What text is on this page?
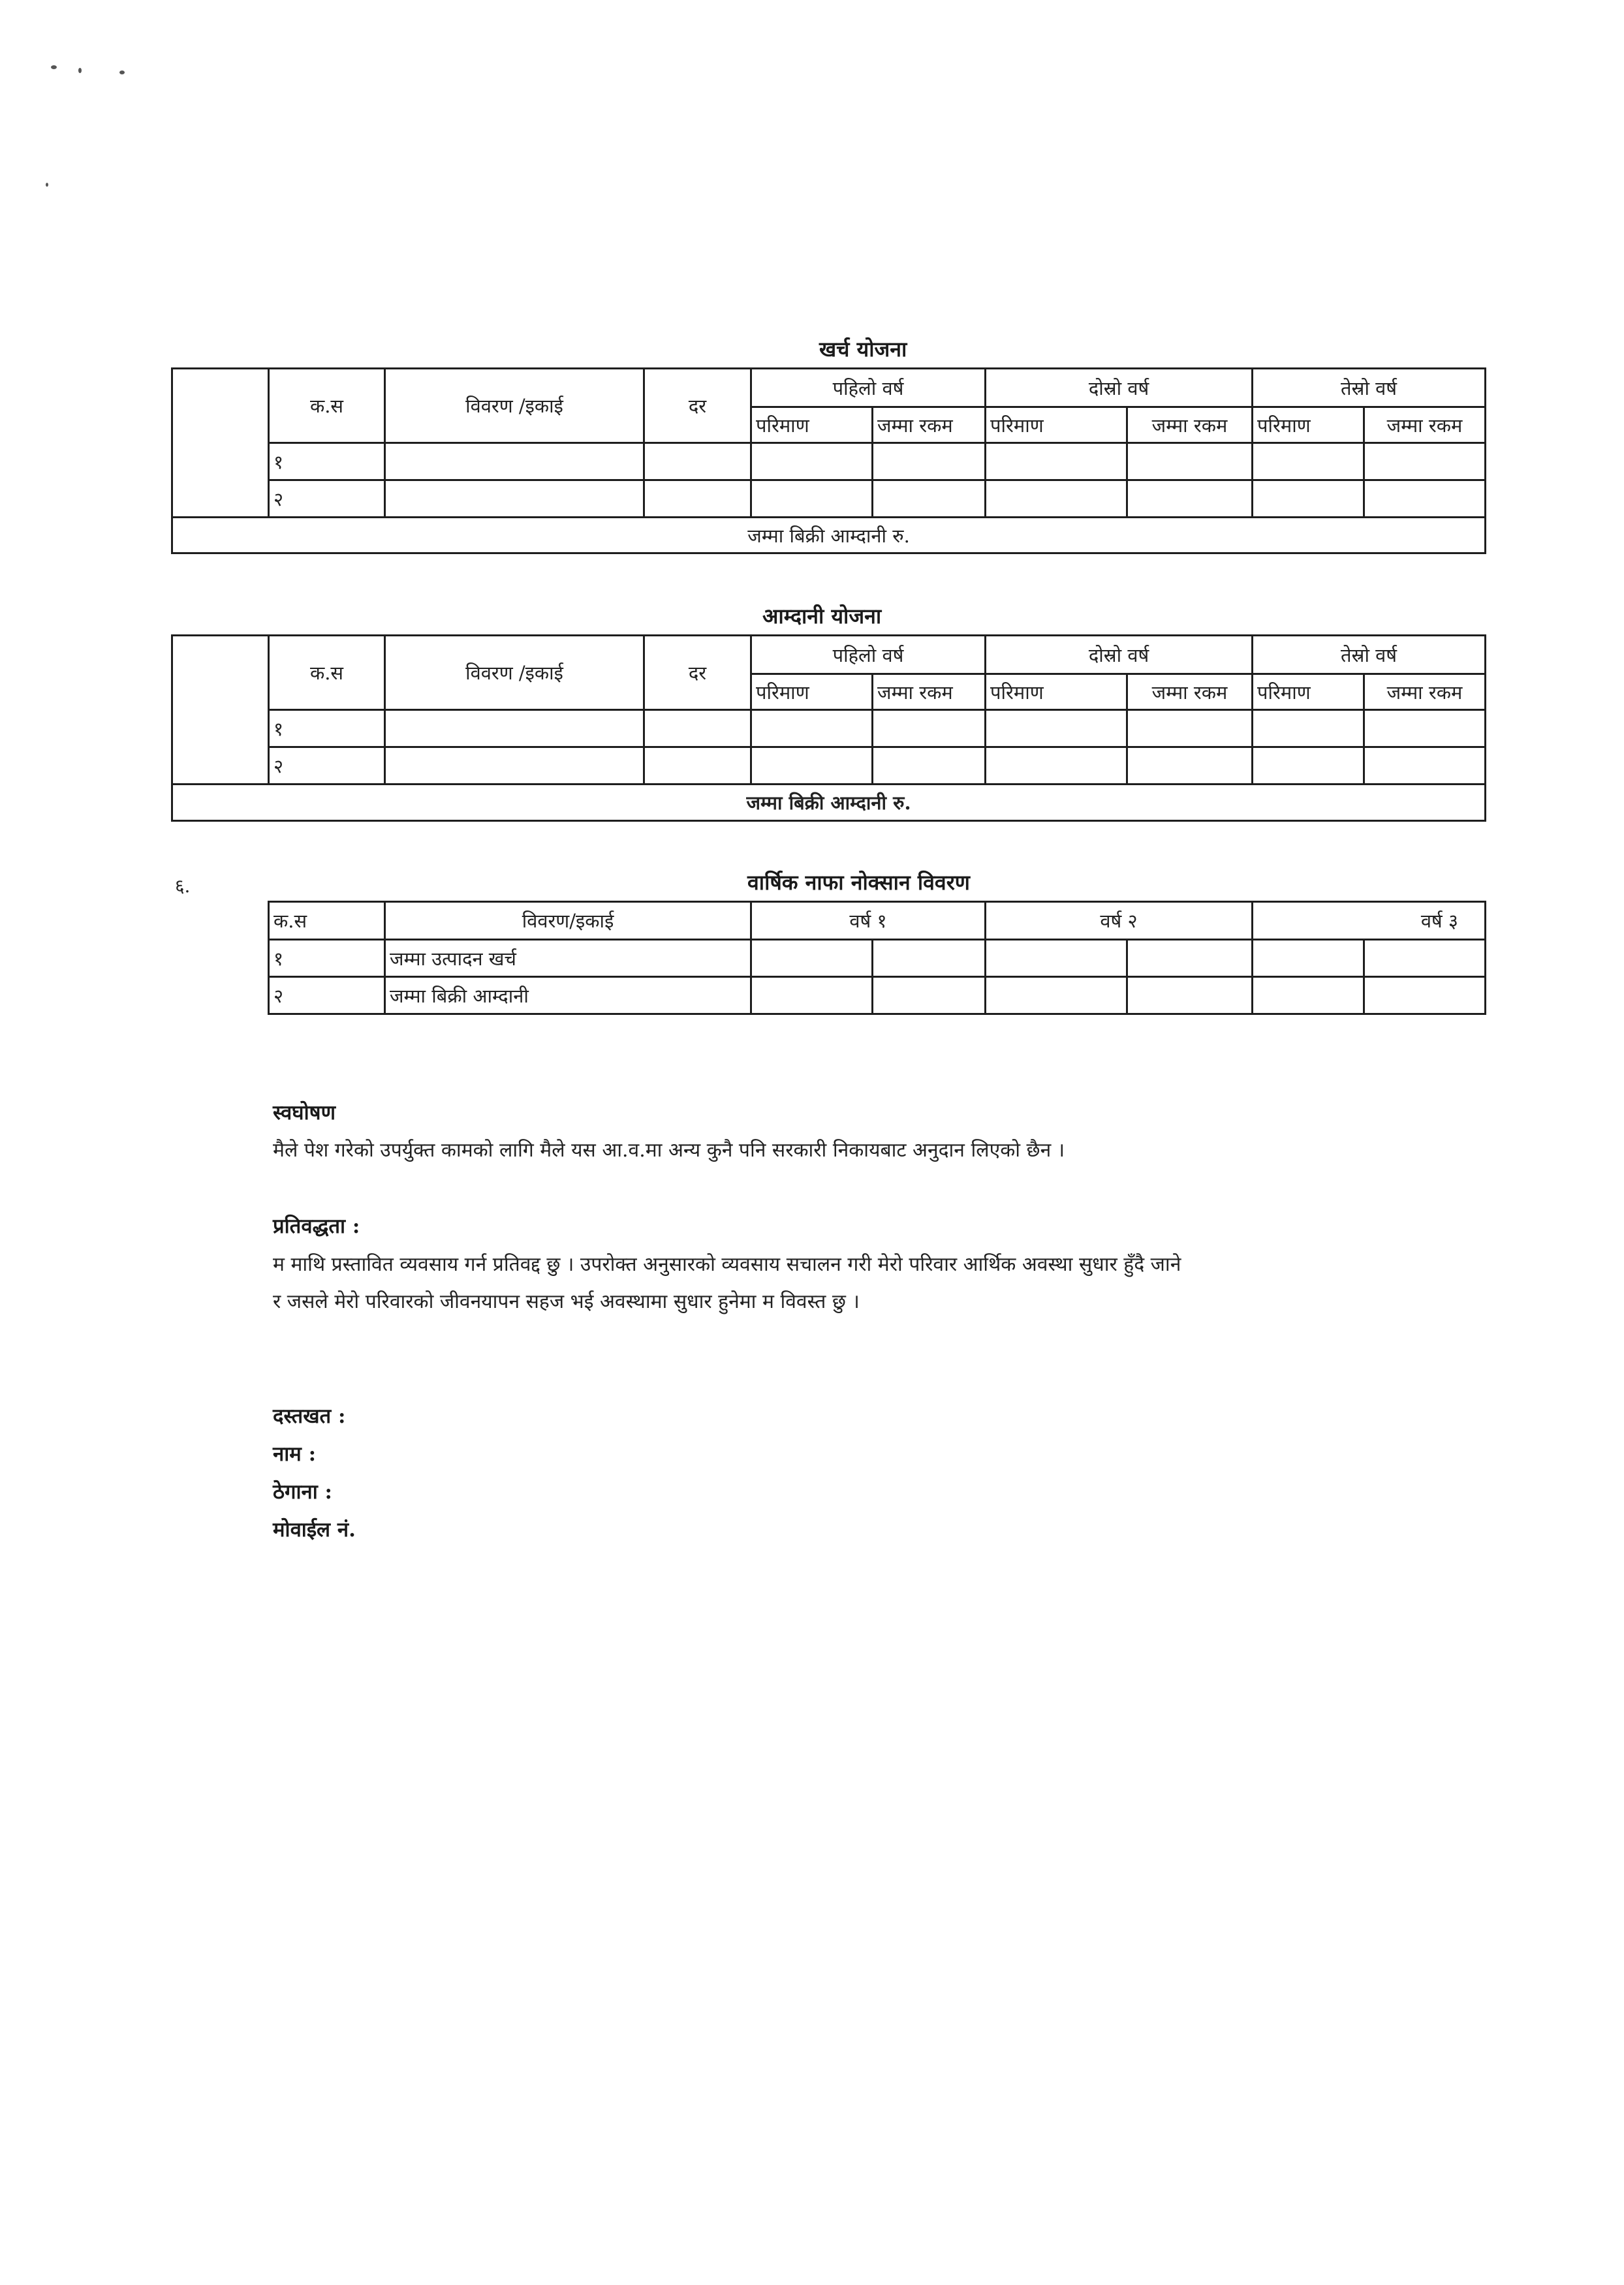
खर्च योजना
	क.स	विवरण /इकाई	दर	पहिलो वर्ष		दोस्रो वर्ष		तेस्रो वर्ष	
				परिमाण	जम्मा रकम	परिमाण	जम्मा रकम	परिमाण	जम्मा रकम
	१								
	२								
जम्मा बिक्री आम्दानी रु.									
आम्दानी योजना
	क.स	विवरण /इकाई	दर	पहिलो वर्ष		दोस्रो वर्ष		तेस्रो वर्ष	
				परिमाण	जम्मा रकम	परिमाण	जम्मा रकम	परिमाण	जम्मा रकम
	१								
	२								
जम्मा बिक्री आम्दानी रु.									
६.	वार्षिक नाफा नोक्सान विवरण
क.स	विवरण/इकाई	वर्ष १		वर्ष २		वर्ष ३	
१	जम्मा उत्पादन खर्च						
२	जम्मा बिक्री आम्दानी						
स्वघोषण
मैले पेश गरेको उपर्युक्त कामको लागि मैले यस आ.व.मा अन्य कुनै पनि सरकारी निकायबाट अनुदान लिएको छैन ।
प्रतिवद्धता :
म माथि प्रस्तावित व्यवसाय गर्न प्रतिवद्द छु । उपरोक्त अनुसारको व्यवसाय सचालन गरी मेरो परिवार आर्थिक अवस्था सुधार हुँदै जाने
र जसले मेरो परिवारको जीवनयापन सहज भई अवस्थामा सुधार हुनेमा म विवस्त छु ।
दस्तखत :
नाम :
ठेगाना :
मोवाईल नं.
